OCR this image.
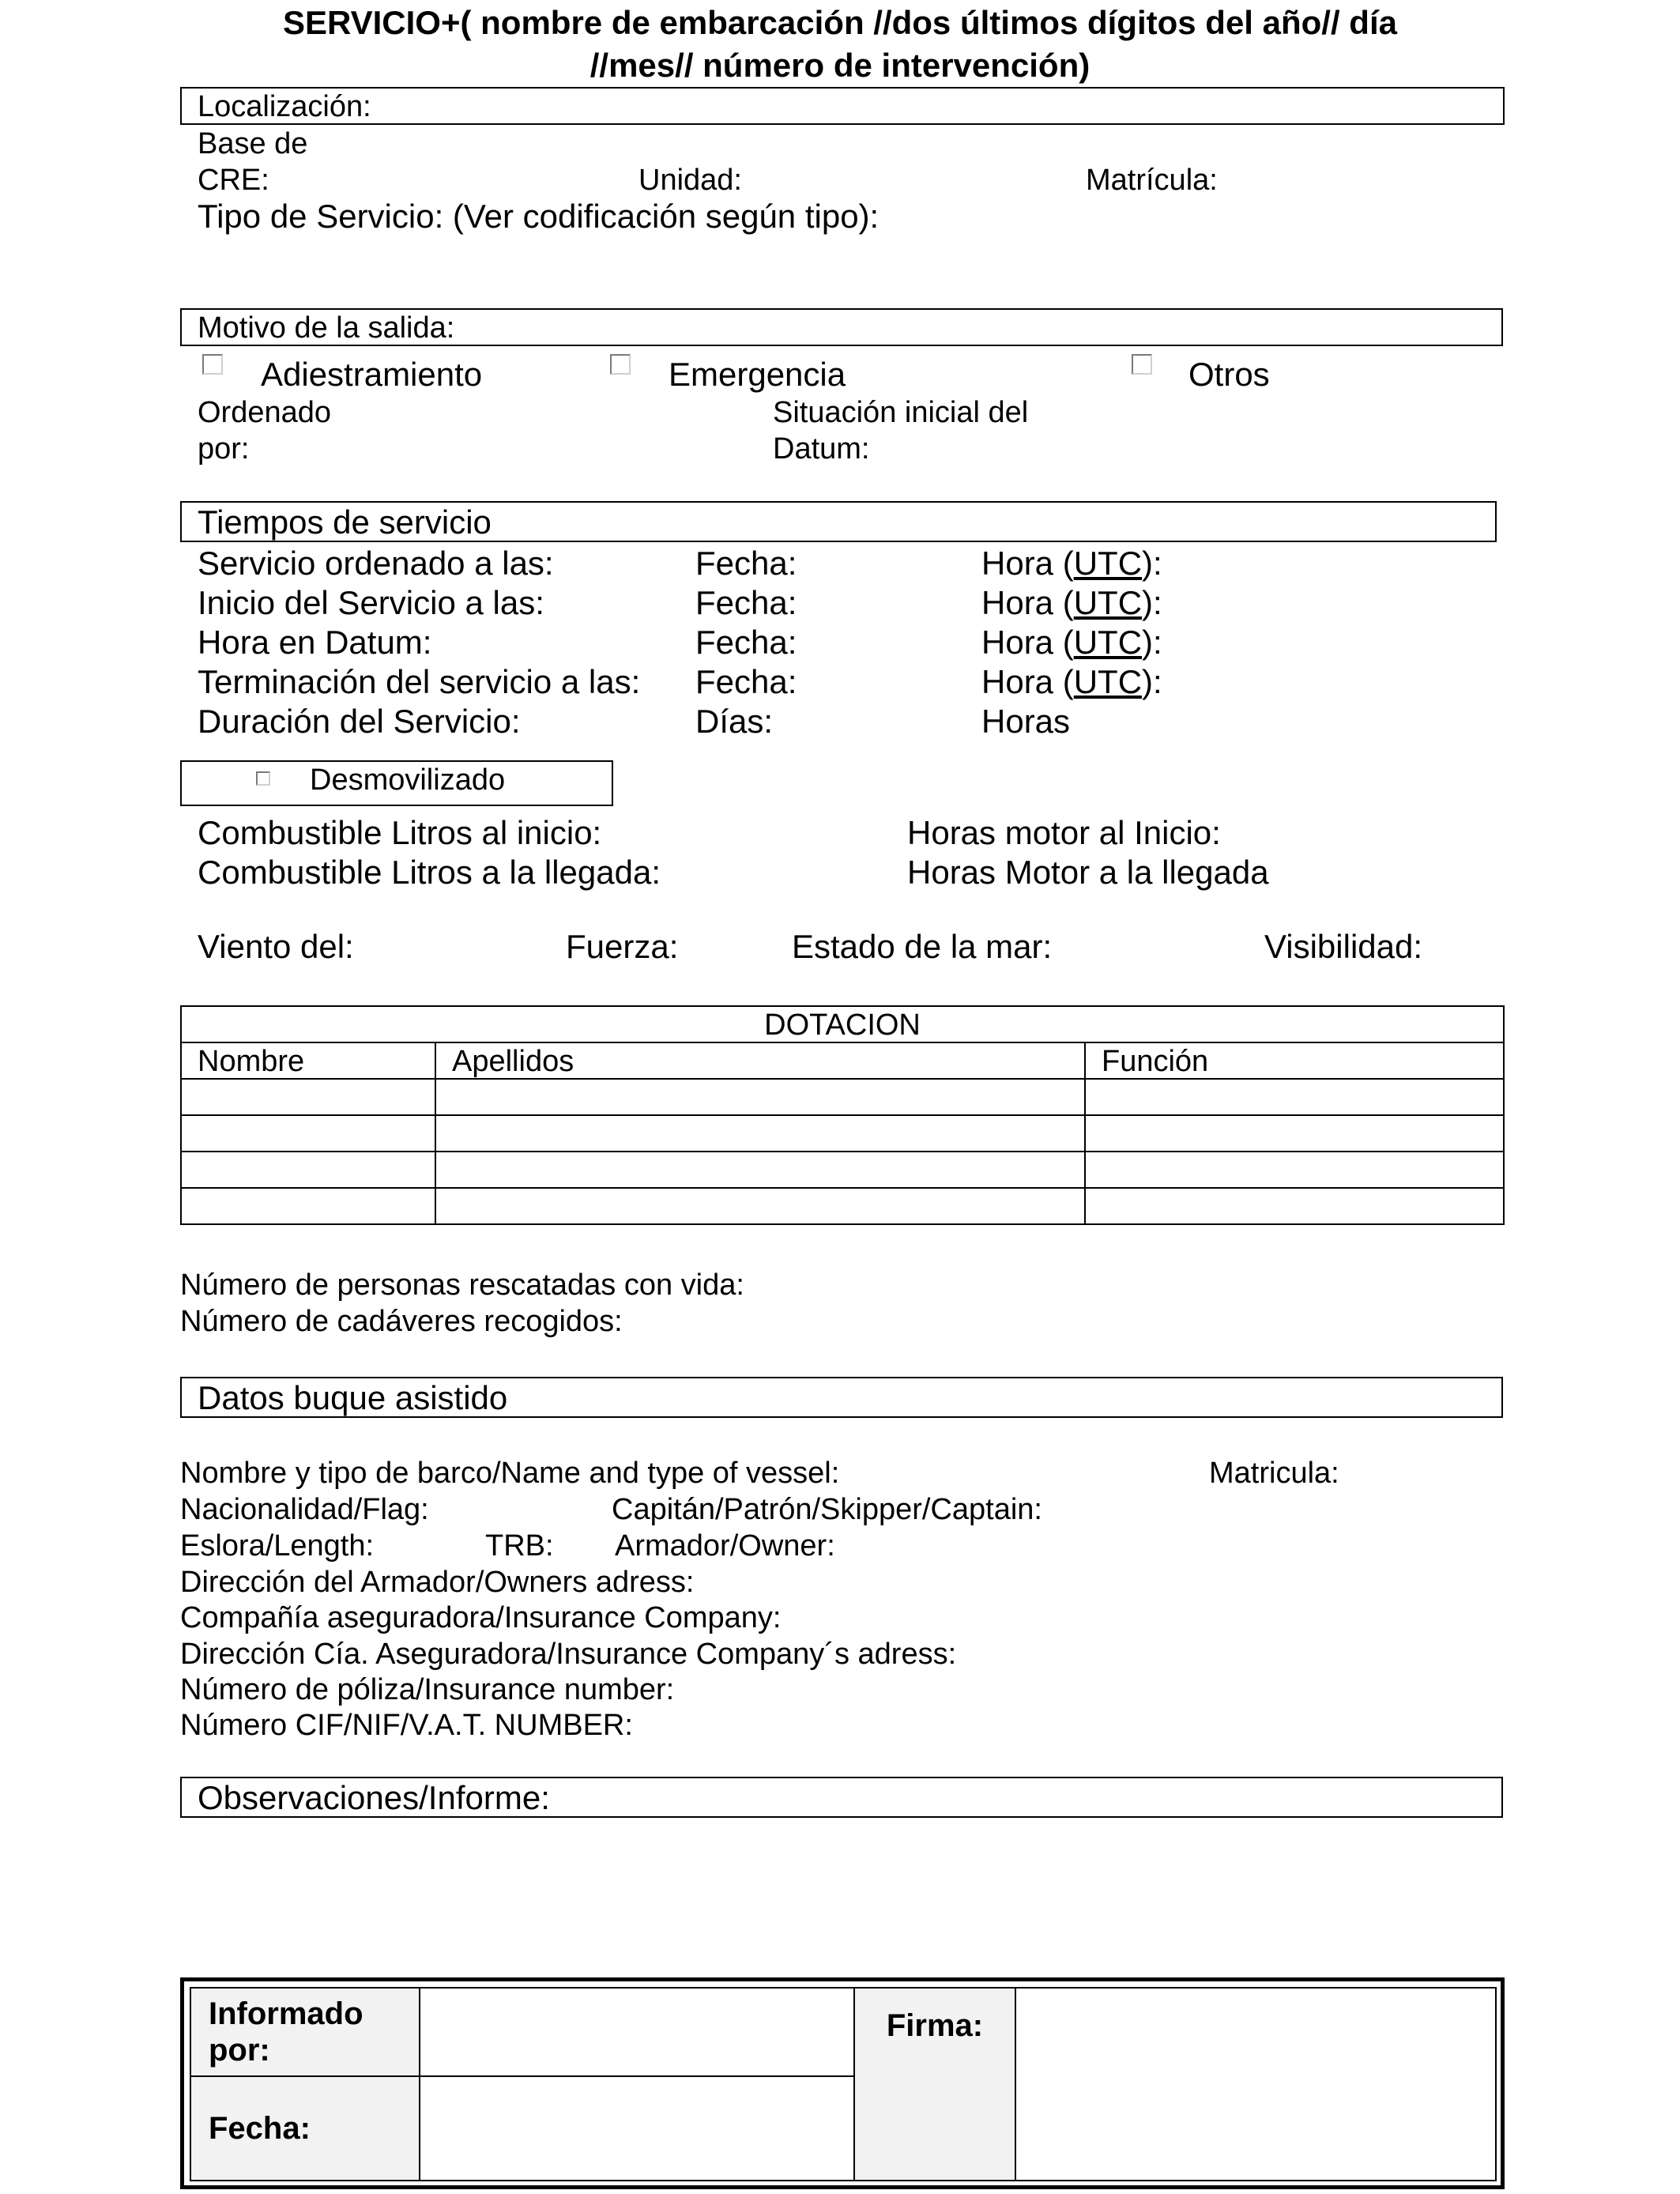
SERVICIO+( nombre de embarcación //dos últimos dígitos del año// día
//mes// número de intervención)
Localización:
Base de
CRE:	Unidad:	Matrícula:
Tipo de Servicio: (Ver codificación según tipo):
Motivo de la salida:
Adiestramiento	Emergencia	Otros
Ordenado
por:
Situación inicial del
Datum:
Tiempos de servicio
Servicio ordenado a las:	Fecha:	Hora (UTC):
Inicio del Servicio a las:	Fecha:	Hora (UTC):
Hora en Datum:	Fecha:	Hora (UTC):
Terminación del servicio a las: Fecha:	Hora (UTC):
Duración del Servicio:	Días:	Horas
Desmovilizado
Combustible Litros al inicio:
Combustible Litros a la llegada:
Horas motor al Inicio:
Horas Motor a la llegada
Viento del:	Fuerza:	Estado de la mar:	Visibilidad:
DOTACION		
Nombre	Apellidos	Función

Número de personas rescatadas con vida:
Número de cadáveres recogidos:
Datos buque asistido
Nombre y tipo de barco/Name and type of vessel:	Matricula:
Nacionalidad/Flag:	Capitán/Patrón/Skipper/Captain:
Eslora/Length:	TRB: Armador/Owner:
Dirección del Armador/Owners adress:
Compañía aseguradora/Insurance Company:
Dirección Cía. Aseguradora/Insurance Company´s adress:
Número de póliza/Insurance number:
Número CIF/NIF/V.A.T. NUMBER:
Observaciones/Informe:
Informado
por:		Firma:	
Fecha:			
